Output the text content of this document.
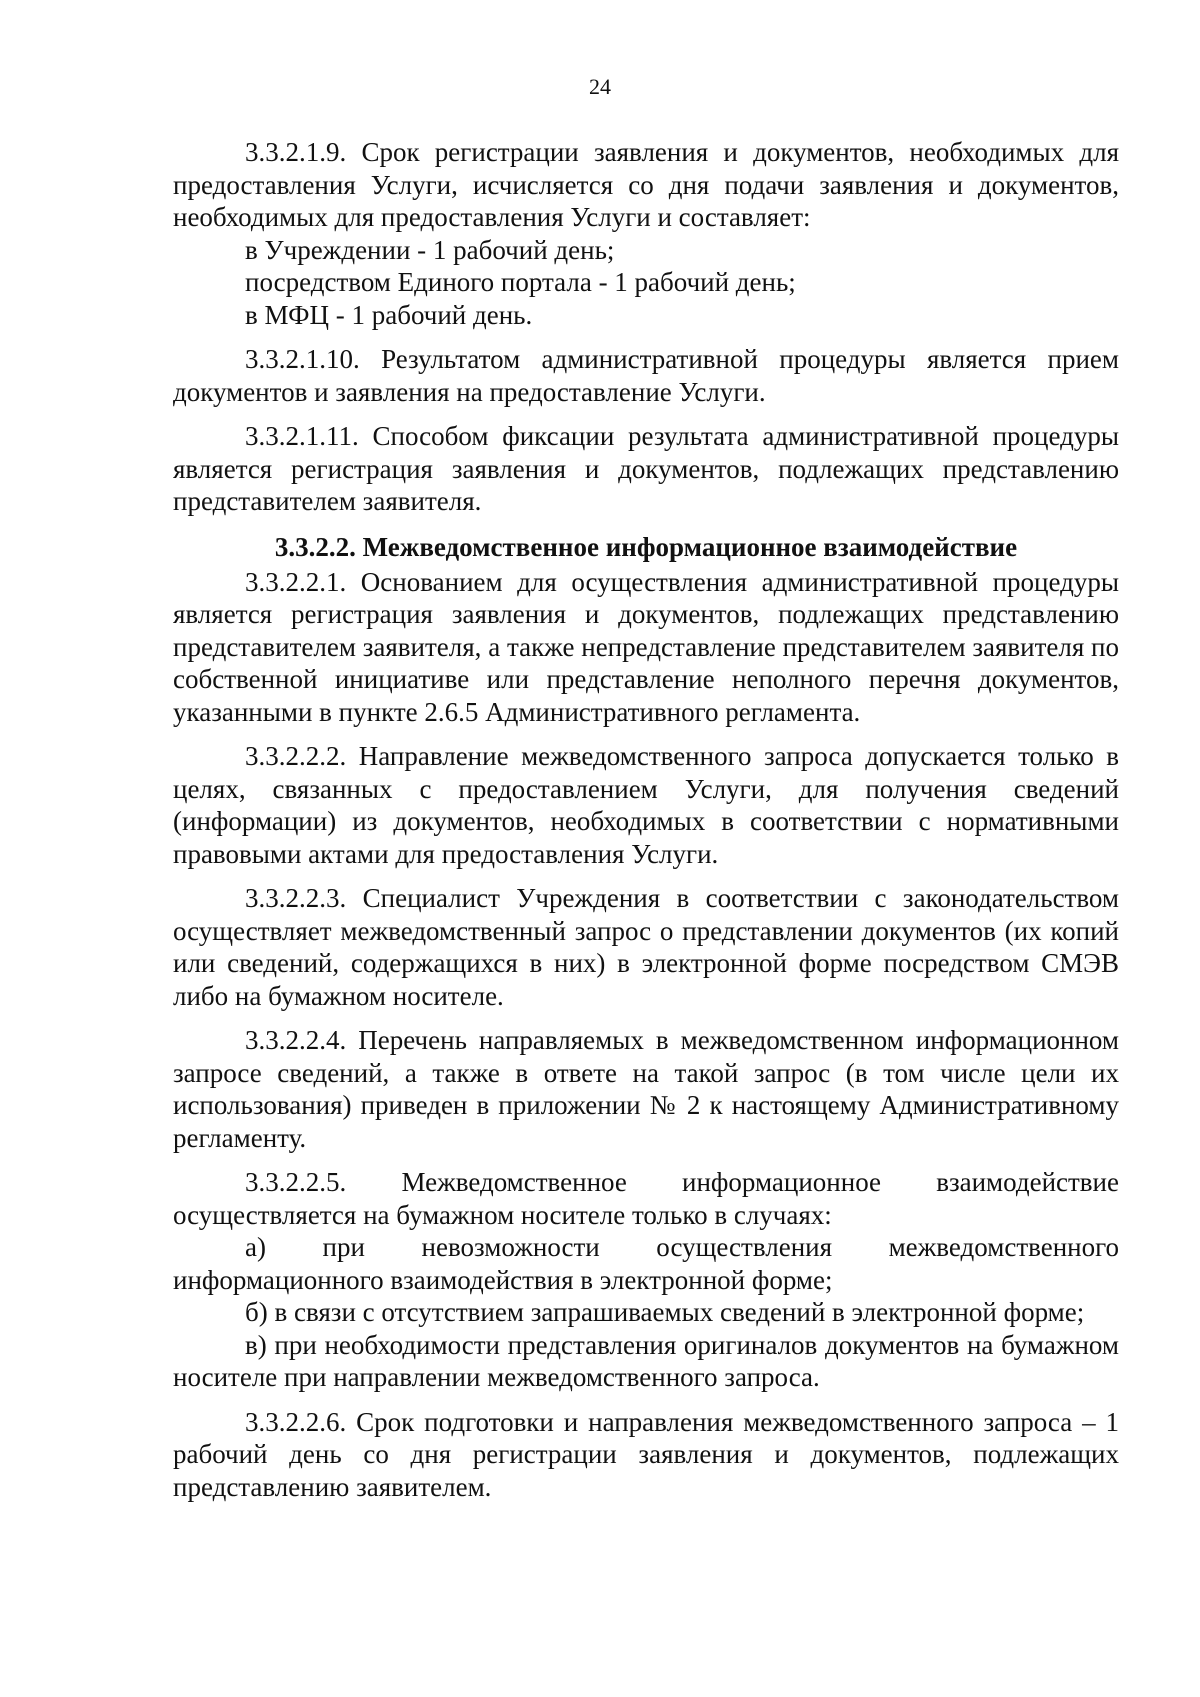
24

3.3.2.1.9. Срок регистрации заявления и документов, необходимых для предоставления Услуги, исчисляется со дня подачи заявления и документов, необходимых для предоставления Услуги и составляет:

в Учреждении - 1 рабочий день;

посредством Единого портала - 1 рабочий день;

в МФЦ - 1 рабочий день.

3.3.2.1.10. Результатом административной процедуры является прием документов и заявления на предоставление Услуги.

3.3.2.1.11. Способом фиксации результата административной процедуры является регистрация заявления и документов, подлежащих представлению представителем заявителя.

3.3.2.2. Межведомственное информационное взаимодействие

3.3.2.2.1. Основанием для осуществления административной процедуры является регистрация заявления и документов, подлежащих представлению представителем заявителя, а также непредставление представителем заявителя по собственной инициативе или представление неполного перечня документов, указанными в пункте 2.6.5 Административного регламента.

3.3.2.2.2. Направление межведомственного запроса допускается только в целях, связанных с предоставлением Услуги, для получения сведений (информации) из документов, необходимых в соответствии с нормативными правовыми актами для предоставления Услуги.

3.3.2.2.3. Специалист Учреждения в соответствии с законодательством осуществляет межведомственный запрос о представлении документов (их копий или сведений, содержащихся в них) в электронной форме посредством СМЭВ либо на бумажном носителе.

3.3.2.2.4. Перечень направляемых в межведомственном информационном запросе сведений, а также в ответе на такой запрос (в том числе цели их использования) приведен в приложении № 2 к настоящему Административному регламенту.

3.3.2.2.5. Межведомственное информационное взаимодействие осуществляется на бумажном носителе только в случаях:

а) при невозможности осуществления межведомственного информационного взаимодействия в электронной форме;

б) в связи с отсутствием запрашиваемых сведений в электронной форме;

в) при необходимости представления оригиналов документов на бумажном носителе при направлении межведомственного запроса.

3.3.2.2.6. Срок подготовки и направления межведомственного запроса – 1 рабочий день со дня регистрации заявления и документов, подлежащих представлению заявителем.
